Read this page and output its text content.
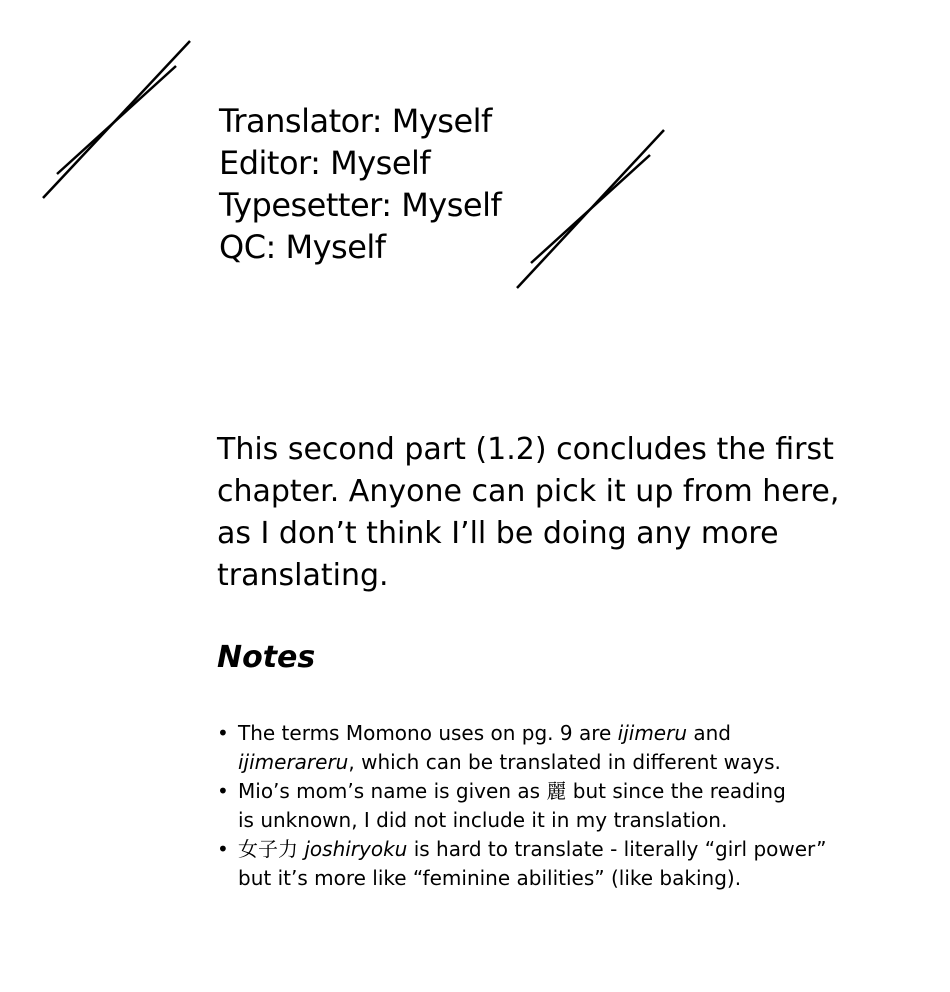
Translator: Myself
Editor: Myself
Typesetter: Myself
QC: Myself

This second part (1.2) concludes the first
chapter. Anyone can pick it up from here,
as I don’t think I’ll be doing any more
translating.

Notes
• The terms Momono uses on pg. 9 are ijimeru and
ijimerareru, which can be translated in different ways.
• Mio’s mom’s name is given as 麗 but since the reading
is unknown, I did not include it in my translation.
• 女子力 joshiryoku is hard to translate - literally “girl power”
but it’s more like “feminine abilities” (like baking).
